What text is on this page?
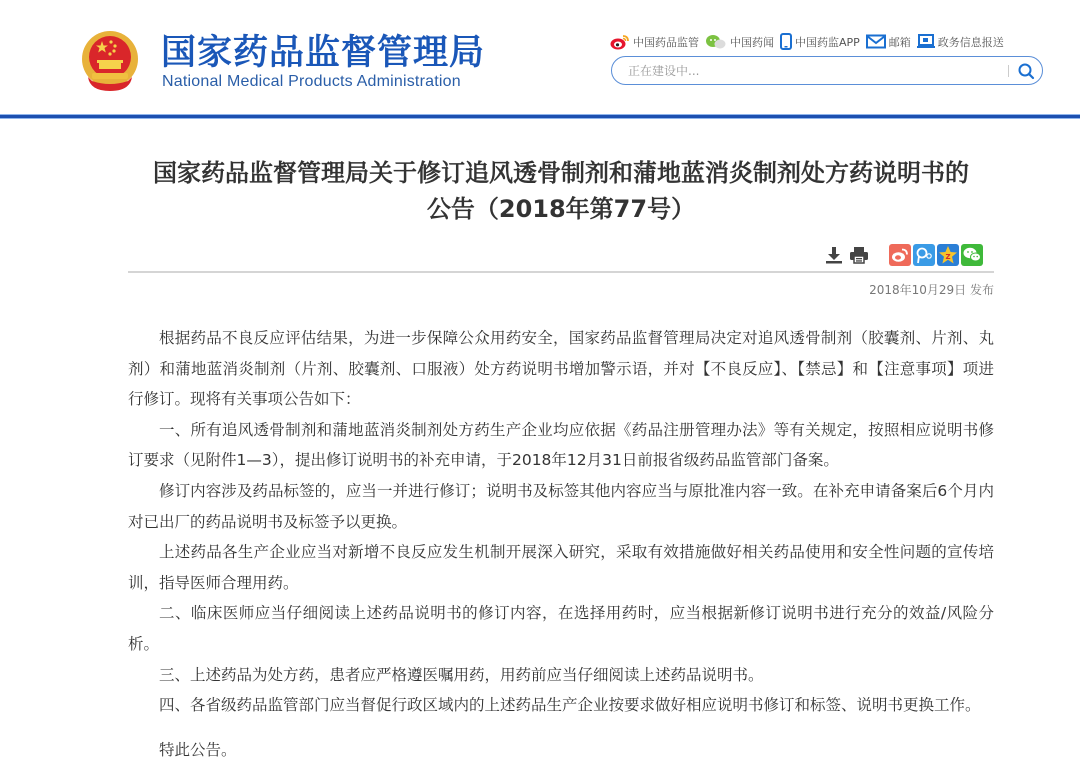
国家药品监督管理局
National Medical Products Administration
中国药品监管	中国药闻 中国药监APP	邮箱 政务信息报送
正在建设中...
国家药品监督管理局关于修订追风透骨制剂和蒲地蓝消炎制剂处方药说明书的
公告（2018年第77号）
Z
2018年10月29日 发布

根据药品不良反应评估结果，为进一步保障公众用药安全，国家药品监督管理局决定对追风透骨制剂（胶囊剂、片剂、丸剂）和蒲地蓝消炎制剂（片剂、胶囊剂、口服液）处方药说明书增加警示语，并对【不良反应】、【禁忌】和【注意事项】项进行修订。现将有关事项公告如下：

一、所有追风透骨制剂和蒲地蓝消炎制剂处方药生产企业均应依据《药品注册管理办法》等有关规定，按照相应说明书修订要求（见附件1—3），提出修订说明书的补充申请，于2018年12月31日前报省级药品监管部门备案。

修订内容涉及药品标签的，应当一并进行修订；说明书及标签其他内容应当与原批准内容一致。在补充申请备案后6个月内对已出厂的药品说明书及标签予以更换。

上述药品各生产企业应当对新增不良反应发生机制开展深入研究，采取有效措施做好相关药品使用和安全性问题的宣传培训，指导医师合理用药。

二、临床医师应当仔细阅读上述药品说明书的修订内容，在选择用药时，应当根据新修订说明书进行充分的效益/风险分析。

三、上述药品为处方药，患者应严格遵医嘱用药，用药前应当仔细阅读上述药品说明书。

四、各省级药品监管部门应当督促行政区域内的上述药品生产企业按要求做好相应说明书修订和标签、说明书更换工作。

特此公告。
